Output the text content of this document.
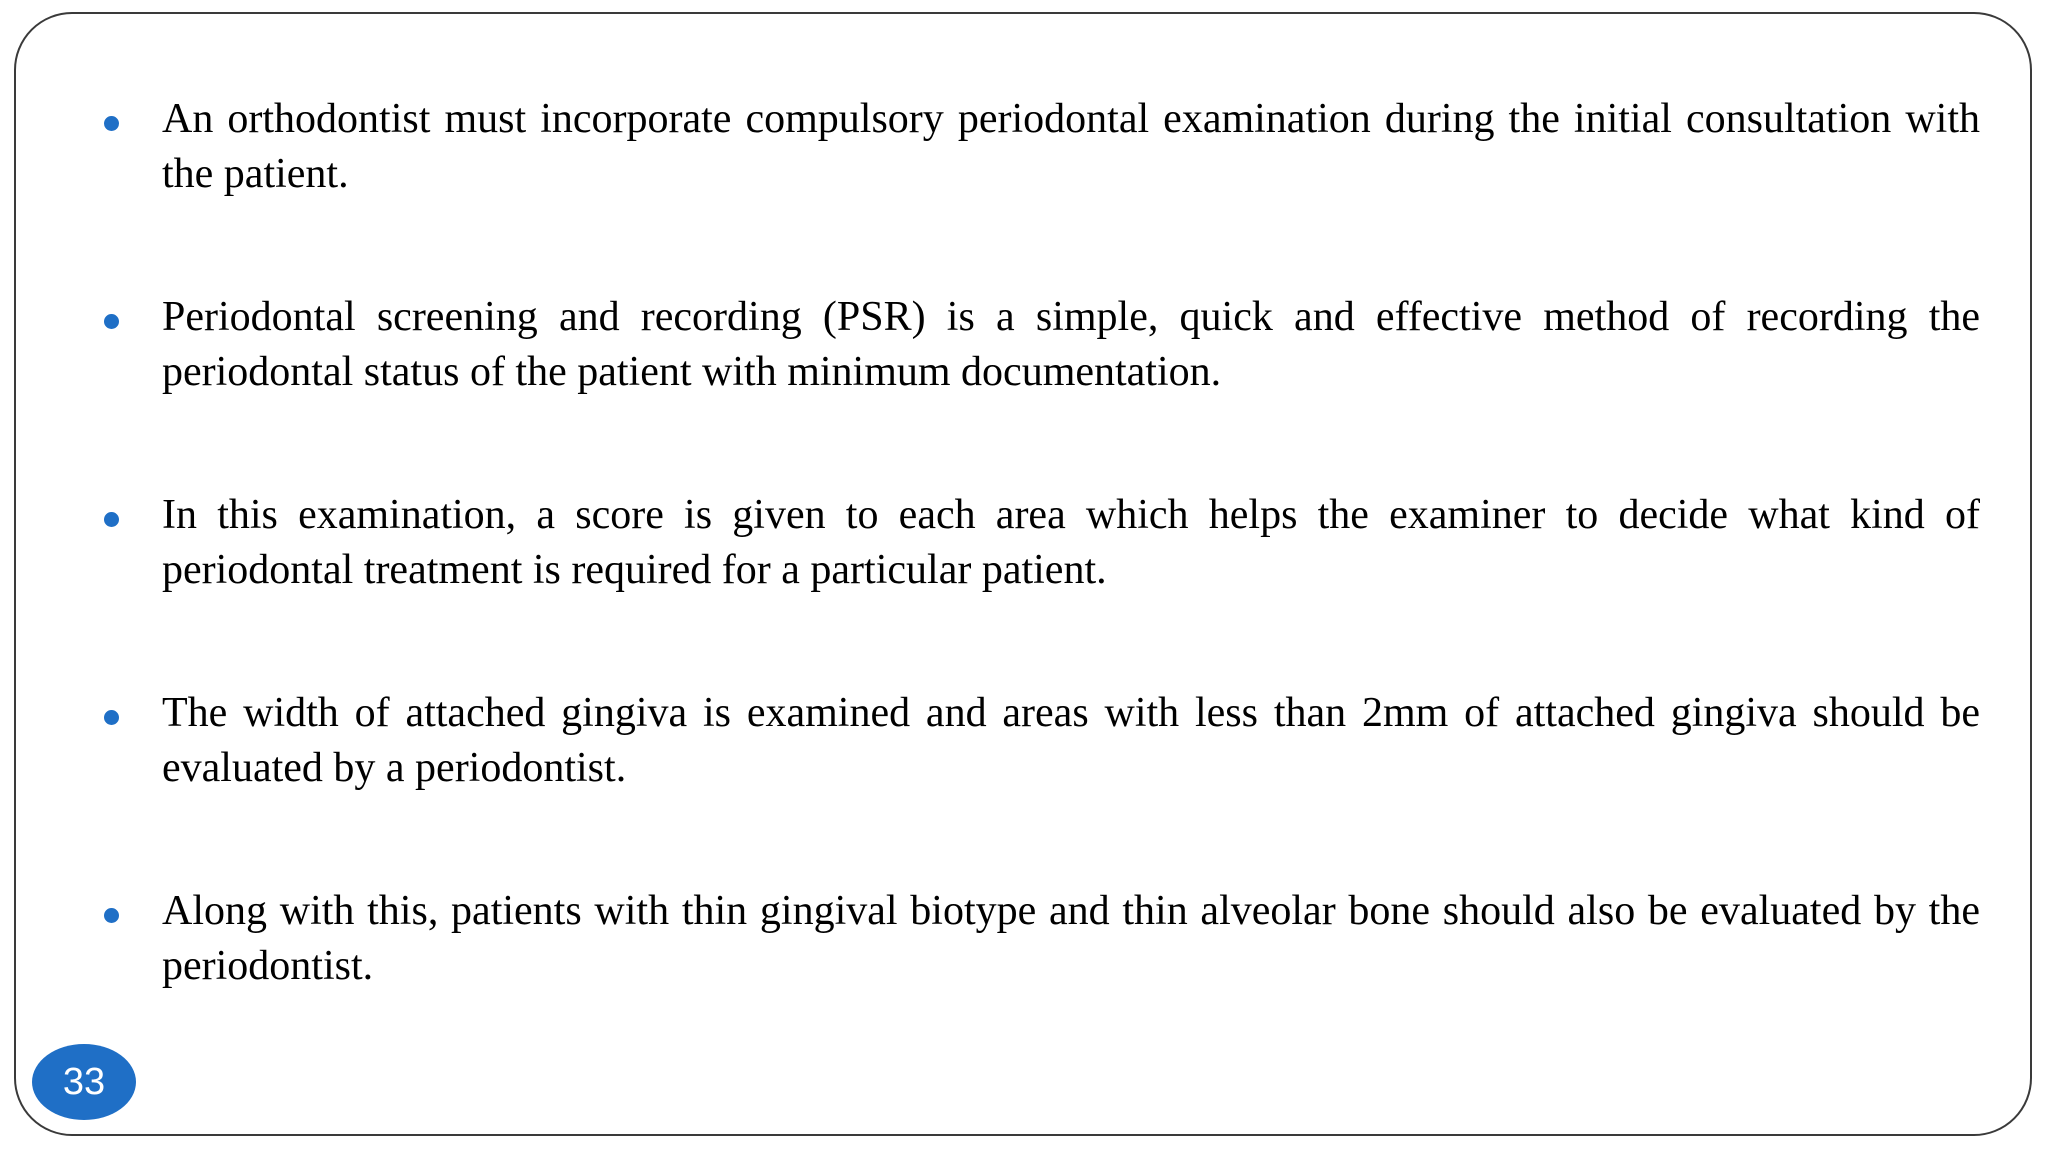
An orthodontist must incorporate compulsory periodontal examination during the initial consultation with the patient.

Periodontal screening and recording (PSR) is a simple, quick and effective method of recording the periodontal status of the patient with minimum documentation.

In this examination, a score is given to each area which helps the examiner to decide what kind of periodontal treatment is required for a particular patient.

The width of attached gingiva is examined and areas with less than 2mm of attached gingiva should be evaluated by a periodontist.

Along with this, patients with thin gingival biotype and thin alveolar bone should also be evaluated by the periodontist.

33
